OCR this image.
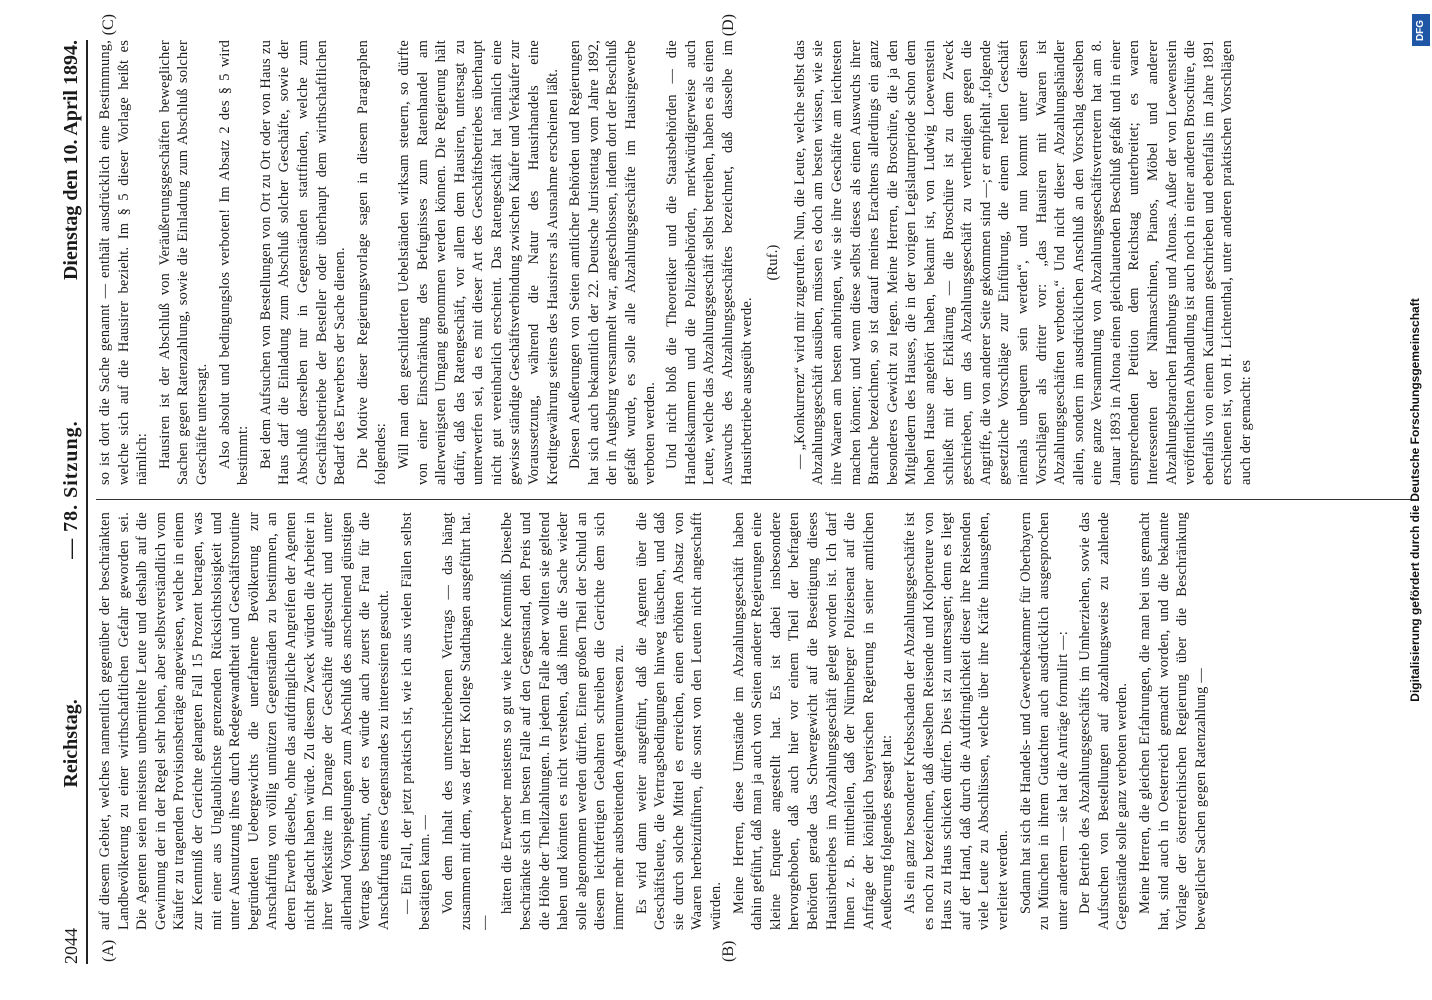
2044
Reichstag.
— 78. Sitzung.
Dienstag den 10. April 1894.
(A)	(B)
(C)	(D)

auf diesem Gebiet, welches namentlich gegenüber der beschränkten Landbevölkerung zu einer wirthschaftlichen Gefahr geworden sei. Die Agenten seien meistens unbemittelte Leute und deshalb auf die Gewinnung der in der Regel sehr hohen, aber selbstverständlich vom Käufer zu tragenden Provisionsbeträge angewiesen, welche in einem zur Kenntniß der Gerichte gelangten Fall 15 Prozent betragen, was mit einer aus Unglaublichste grenzenden Rücksichtslosigkeit und unter Ausnutzung ihres durch Redegewandtheit und Geschäftsroutine begründeten Uebergewichts die unerfahrene Bevölkerung zur Anschaffung von völlig unnützen Gegenständen zu bestimmen, an deren Erwerb dieselbe, ohne das aufdringliche Angreifen der Agenten nicht gedacht haben würde. Zu diesem Zweck würden die Arbeiter in ihrer Werkstätte im Drange der Geschäfte aufgesucht und unter allerhand Vorspiegelungen zum Abschluß des anscheinend günstigen Vertrags bestimmt, oder es würde auch zuerst die Frau für die Anschaffung eines Gegenstandes zu interessiren gesucht. — Ein Fall, der jetzt praktisch ist, wie ich aus vielen Fällen selbst bestätigen kann. — Von dem Inhalt des unterschriebenen Vertrags — das hängt zusammen mit dem, was der Herr Kollege Stadthagen ausgeführt hat. —

hätten die Erwerber meistens so gut wie keine Kenntniß. Dieselbe beschränkte sich im besten Falle auf den Gegenstand, den Preis und die Höhe der Theilzahlungen. In jedem Falle aber wollten sie geltend haben und könnten es nicht verstehen, daß ihnen die Sache wieder solle abgenommen werden dürfen. Einen großen Theil der Schuld an diesem leichtfertigen Gebahren schreiben die Gerichte dem sich immer mehr ausbreitenden Agentenunwesen zu. Es wird dann weiter ausgeführt, daß die Agenten über die Geschäftsleute, die Vertragsbedingungen hinweg täuschen, und daß sie durch solche Mittel es erreichen, einen erhöhten Absatz von Waaren herbeizuführen, die sonst von den Leuten nicht angeschafft würden. Meine Herren, diese Umstände im Abzahlungsgeschäft haben dahin geführt, daß man ja auch von Seiten anderer Regierungen eine kleine Enquete angestellt hat. Es ist dabei insbesondere hervorgehoben, daß auch hier vor einem Theil der befragten Behörden gerade das Schwergewicht auf die Beseitigung dieses Hausirbetriebes im Abzahlungsgeschäft gelegt worden ist. Ich darf Ihnen z. B. mittheilen, daß der Nürnberger Polizeisenat auf die Anfrage der königlich bayerischen Regierung in seiner amtlichen Aeußerung folgendes gesagt hat: Als ein ganz besonderer Krebsschaden der Abzahlungsgeschäfte ist es noch zu bezeichnen, daß dieselben Reisende und Kolporteure von Haus zu Haus schicken dürfen. Dies ist zu untersagen; denn es liegt auf der Hand, daß durch die Aufdringlichkeit dieser ihre Reisenden viele Leute zu Abschlüssen, welche über ihre Kräfte hinausgehen, verleitet werden. Sodann hat sich die Handels- und Gewerbekammer für Oberbayern zu München in ihrem Gutachten auch ausdrücklich ausgesprochen unter anderem — sie hat die Anträge formulirt —: Der Betrieb des Abzahlungsgeschäfts im Umherziehen, sowie das Aufsuchen von Bestellungen auf abzahlungsweise zu zahlende Gegenstände solle ganz verboten werden. Meine Herren, die gleichen Erfahrungen, die man bei uns gemacht hat, sind auch in Oesterreich gemacht worden, und die bekannte Vorlage der österreichischen Regierung über die Beschränkung beweglicher Sachen gegen Ratenzahlung —

so ist dort die Sache genannt — enthält ausdrücklich eine Bestimmung, welche sich auf die Hausirer bezieht. Im § 5 dieser Vorlage heißt es nämlich: Hausiren ist der Abschluß von Veräußerungsgeschäften beweglicher Sachen gegen Ratenzahlung, sowie die Einladung zum Abschluß solcher Geschäfte untersagt. Also absolut und bedingungslos verboten! Im Absatz 2 des § 5 wird bestimmt: Bei dem Aufsuchen von Bestellungen von Ort zu Ort oder von Haus zu Haus darf die Einladung zum Abschluß solcher Geschäfte, sowie der Abschluß derselben nur in Gegenständen stattfinden, welche zum Geschäftsbetriebe der Besteller oder überhaupt dem wirthschaftlichen Bedarf des Erwerbers der Sache dienen. Die Motive dieser Regierungsvorlage sagen in diesem Paragraphen folgendes: Will man den geschilderten Uebelständen wirksam steuern, so dürfte von einer Einschränkung des Befugnisses zum Ratenhandel am allerwenigsten Umgang genommen werden können. Die Regierung hält dafür, daß das Ratengeschäft, vor allem dem Hausiren, untersagt zu unterwerfen sei, da es mit dieser Art des Geschäftsbetriebes überhaupt nicht gut vereinbarlich erscheint. Das Ratengeschäft hat nämlich eine gewisse ständige Geschäftsverbindung zwischen Käufer und Verkäufer zur Voraussetzung, während die Natur des Hausirhandels eine Kreditgewährung seitens des Hausirers als Ausnahme erscheinen läßt. Diesen Aeußerungen von Seiten amtlicher Behörden und Regierungen hat sich auch bekanntlich der 22. Deutsche Juristentag vom Jahre 1892, der in Augsburg versammelt war, angeschlossen, indem dort der Beschluß gefaßt wurde, es solle alle Abzahlungsgeschäfte im Hausirgewerbe verboten werden. Und nicht bloß die Theoretiker und die Staatsbehörden — die Handelskammern und die Polizeibehörden, merkwürdigerweise auch Leute, welche das Abzahlungsgeschäft selbst betreiben, haben es als einen Auswuchs des Abzahlungsgeschäftes bezeichnet, daß dasselbe im Hausirbetriebe ausgeübt werde.

(Ruf.) — „Konkurrenz“ wird mir zugerufen. Nun, die Leute, welche selbst das Abzahlungsgeschäft ausüben, müssen es doch am besten wissen, wie sie ihre Waaren am besten anbringen, wie sie ihre Geschäfte am leichtesten machen können; und wenn diese selbst dieses als einen Auswuchs ihrer Branche bezeichnen, so ist darauf meines Erachtens allerdings ein ganz besonderes Gewicht zu legen. Meine Herren, die Broschüre, die ja den Mitgliedern des Hauses, die in der vorigen Legislaturperiode schon dem hohen Hause angehört haben, bekannt ist, von Ludwig Loewenstein schließt mit der Erklärung — die Broschüre ist zu dem Zweck geschrieben, um das Abzahlungsgeschäft zu vertheidigen gegen die Angriffe, die von anderer Seite gekommen sind —; er empfiehlt „folgende gesetzliche Vorschläge zur Einführung, die einem reellen Geschäft niemals unbequem sein werden“, und nun kommt unter diesen Vorschlägen als dritter vor: „das Hausiren mit Waaren ist Abzahlungsgeschäften verboten.“ Und nicht dieser Abzahlungshändler allein, sondern im ausdrücklichen Anschluß an den Vorschlag desselben eine ganze Versammlung von Abzahlungsgeschäftsvertretern hat am 8. Januar 1893 in Altona einen gleichlautenden Beschluß gefaßt und in einer entsprechenden Petition dem Reichstag unterbreitet; es waren Interessenten der Nähmaschinen, Pianos, Möbel und anderer Abzahlungsbranchen Hamburgs und Altonas. Außer der von Loewenstein veröffentlichten Abhandlung ist auch noch in einer anderen Broschüre, die ebenfalls von einem Kaufmann geschrieben und ebenfalls im Jahre 1891 erschienen ist, von H. Lichtenthal, unter anderen praktischen Vorschlägen auch der gemacht: es

DFG
Digitalisierung gefördert durch die Deutsche Forschungsgemeinschaft
